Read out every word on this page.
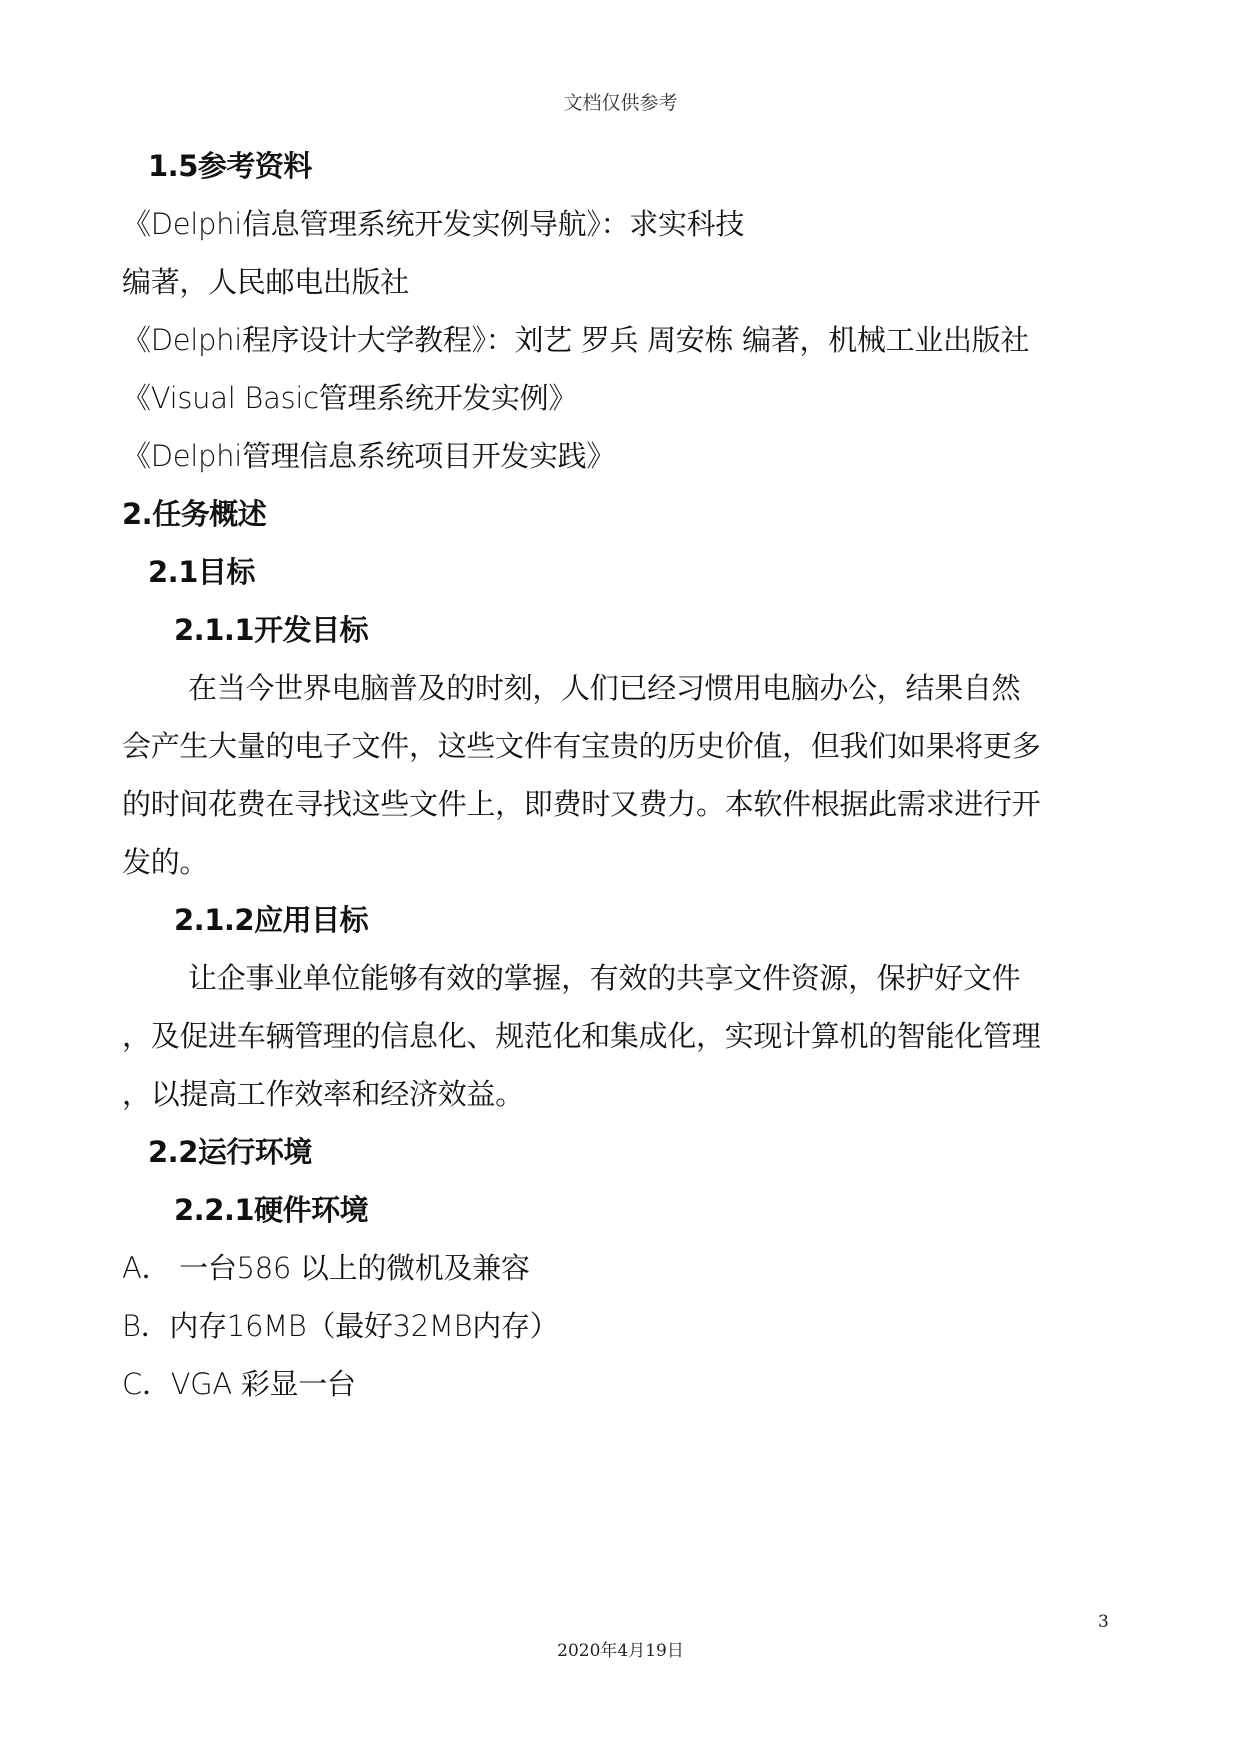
文档仅供参考
1.5参考资料
《Delphi信息管理系统开发实例导航》：求实科技
编著，人民邮电出版社
《Delphi程序设计大学教程》：刘艺 罗兵 周安栋 编著，机械工业出版社
《Visual Basic管理系统开发实例》
《Delphi管理信息系统项目开发实践》
2.任务概述
2.1目标
2.1.1开发目标
在当今世界电脑普及的时刻，人们已经习惯用电脑办公，结果自然
会产生大量的电子文件，这些文件有宝贵的历史价值，但我们如果将更多
的时间花费在寻找这些文件上，即费时又费力。本软件根据此需求进行开
发的。
2.1.2应用目标
让企事业单位能够有效的掌握，有效的共享文件资源，保护好文件
，及促进车辆管理的信息化、规范化和集成化，实现计算机的智能化管理
，以提高工作效率和经济效益。
2.2运行环境
2.2.1硬件环境
A． 一台586 以上的微机及兼容
B．内存16MB（最好32MB内存）
C．VGA 彩显一台
3
2020年4月19日
